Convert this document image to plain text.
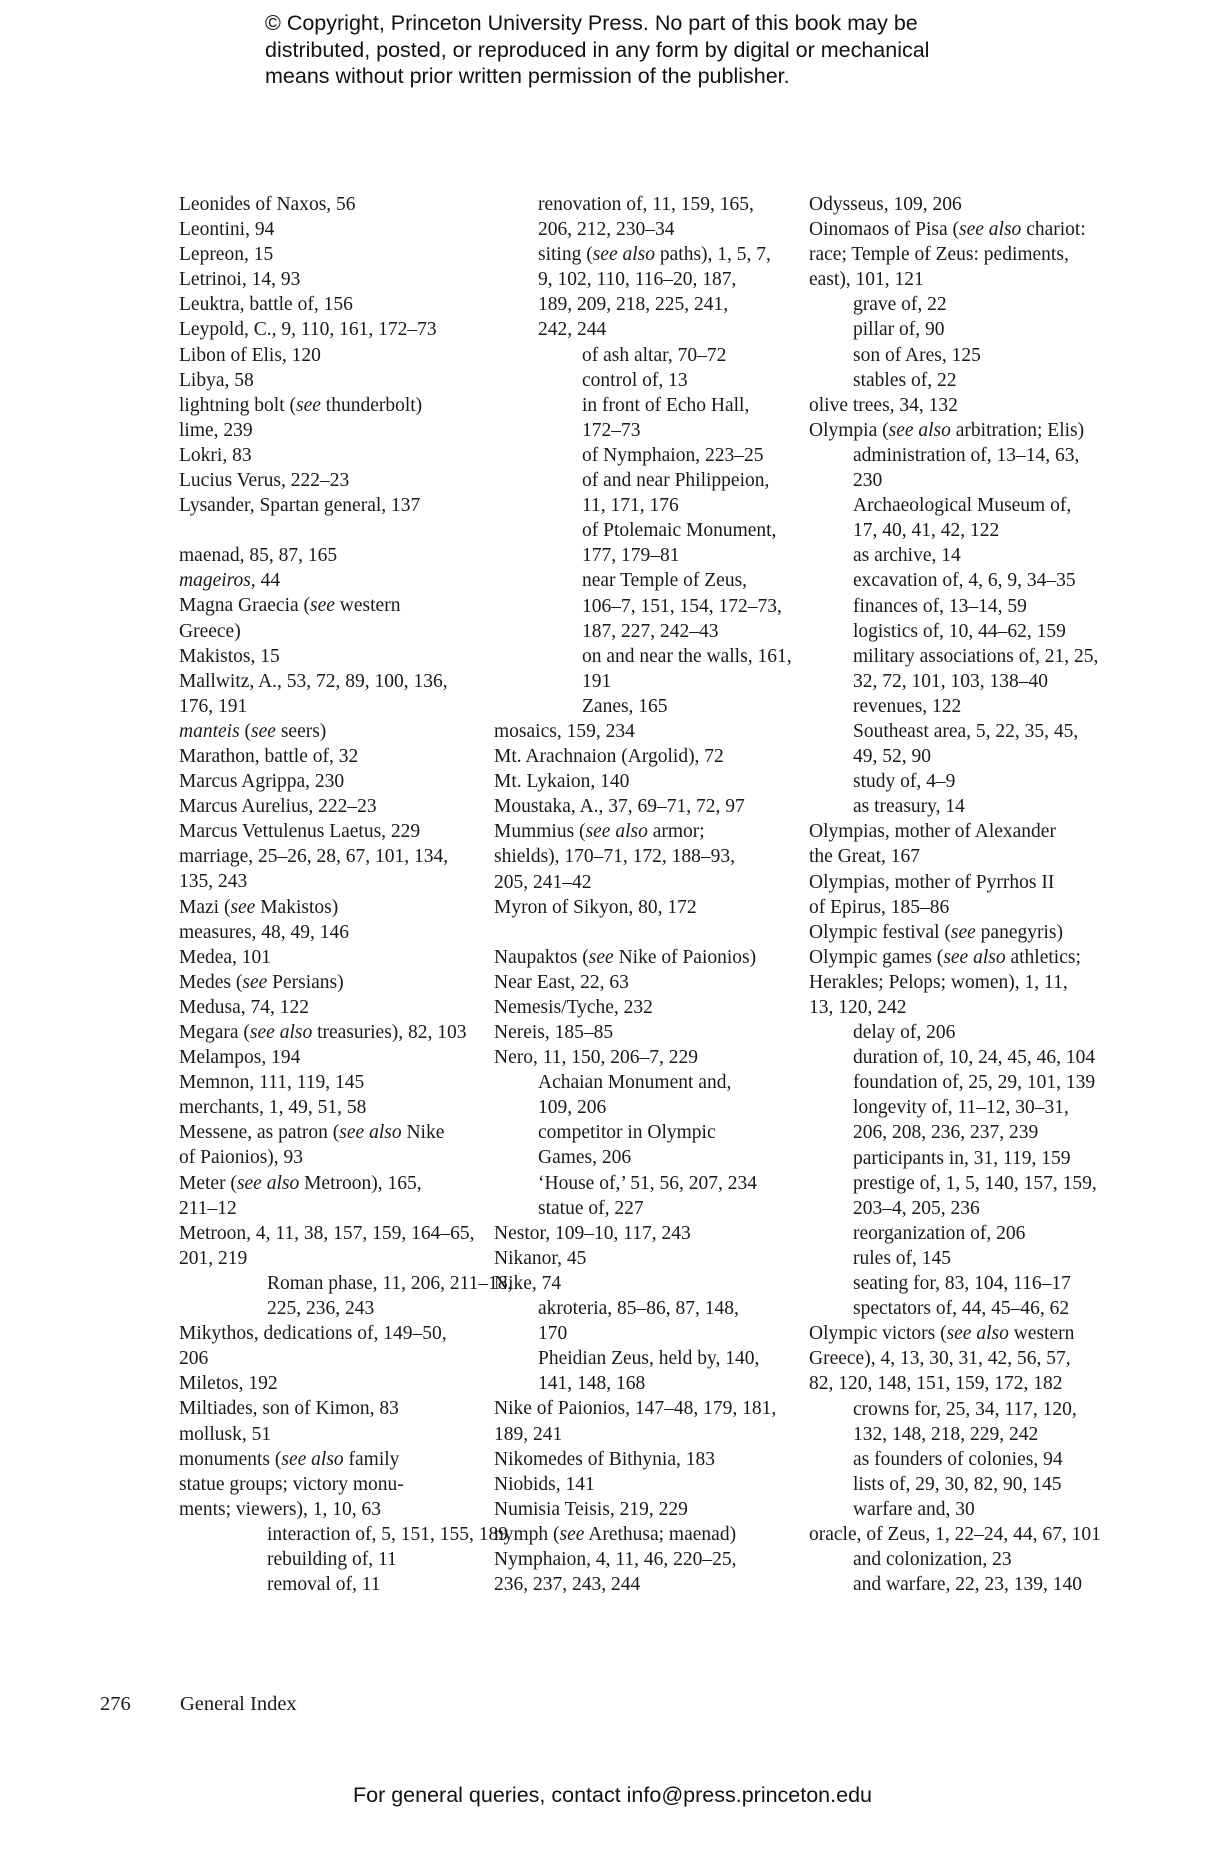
© Copyright, Princeton University Press. No part of this book may be
distributed, posted, or reproduced in any form by digital or mechanical
means without prior written permission of the publisher.
Leonides of Naxos, 56
Leontini, 94
Lepreon, 15
Letrinoi, 14, 93
Leuktra, battle of, 156
Leypold, C., 9, 110, 161, 172–73
Libon of Elis, 120
Libya, 58
lightning bolt (see thunderbolt)
lime, 239
Lokri, 83
Lucius Verus, 222–23
Lysander, Spartan general, 137
maenad, 85, 87, 165
mageiros, 44
Magna Graecia (see western
Greece)
Makistos, 15
Mallwitz, A., 53, 72, 89, 100, 136,
176, 191
manteis (see seers)
Marathon, battle of, 32
Marcus Agrippa, 230
Marcus Aurelius, 222–23
Marcus Vettulenus Laetus, 229
marriage, 25–26, 28, 67, 101, 134,
135, 243
Mazi (see Makistos)
measures, 48, 49, 146
Medea, 101
Medes (see Persians)
Medusa, 74, 122
Megara (see also treasuries), 82, 103
Melampos, 194
Memnon, 111, 119, 145
merchants, 1, 49, 51, 58
Messene, as patron (see also Nike
of Paionios), 93
Meter (see also Metroon), 165,
211–12
Metroon, 4, 11, 38, 157, 159, 164–65,
201, 219
Roman phase, 11, 206, 211–18,
225, 236, 243
Mikythos, dedications of, 149–50,
206
Miletos, 192
Miltiades, son of Kimon, 83
mollusk, 51
monuments (see also family
statue groups; victory monu-
ments; viewers), 1, 10, 63
interaction of, 5, 151, 155, 189
rebuilding of, 11
removal of, 11
renovation of, 11, 159, 165,
206, 212, 230–34
siting (see also paths), 1, 5, 7,
9, 102, 110, 116–20, 187,
189, 209, 218, 225, 241,
242, 244
of ash altar, 70–72
control of, 13
in front of Echo Hall,
172–73
of Nymphaion, 223–25
of and near Philippeion,
11, 171, 176
of Ptolemaic Monument,
177, 179–81
near Temple of Zeus,
106–7, 151, 154, 172–73,
187, 227, 242–43
on and near the walls, 161,
191
Zanes, 165
mosaics, 159, 234
Mt. Arachnaion (Argolid), 72
Mt. Lykaion, 140
Moustaka, A., 37, 69–71, 72, 97
Mummius (see also armor;
shields), 170–71, 172, 188–93,
205, 241–42
Myron of Sikyon, 80, 172
Naupaktos (see Nike of Paionios)
Near East, 22, 63
Nemesis/Tyche, 232
Nereis, 185–85
Nero, 11, 150, 206–7, 229
Achaian Monument and,
109, 206
competitor in Olympic
Games, 206
‘House of,’ 51, 56, 207, 234
statue of, 227
Nestor, 109–10, 117, 243
Nikanor, 45
Nike, 74
akroteria, 85–86, 87, 148,
170
Pheidian Zeus, held by, 140,
141, 148, 168
Nike of Paionios, 147–48, 179, 181,
189, 241
Nikomedes of Bithynia, 183
Niobids, 141
Numisia Teisis, 219, 229
nymph (see Arethusa; maenad)
Nymphaion, 4, 11, 46, 220–25,
236, 237, 243, 244
Odysseus, 109, 206
Oinomaos of Pisa (see also chariot:
race; Temple of Zeus: pediments,
east), 101, 121
grave of, 22
pillar of, 90
son of Ares, 125
stables of, 22
olive trees, 34, 132
Olympia (see also arbitration; Elis)
administration of, 13–14, 63,
230
Archaeological Museum of,
17, 40, 41, 42, 122
as archive, 14
excavation of, 4, 6, 9, 34–35
finances of, 13–14, 59
logistics of, 10, 44–62, 159
military associations of, 21, 25,
32, 72, 101, 103, 138–40
revenues, 122
Southeast area, 5, 22, 35, 45,
49, 52, 90
study of, 4–9
as treasury, 14
Olympias, mother of Alexander
the Great, 167
Olympias, mother of Pyrrhos II
of Epirus, 185–86
Olympic festival (see panegyris)
Olympic games (see also athletics;
Herakles; Pelops; women), 1, 11,
13, 120, 242
delay of, 206
duration of, 10, 24, 45, 46, 104
foundation of, 25, 29, 101, 139
longevity of, 11–12, 30–31,
206, 208, 236, 237, 239
participants in, 31, 119, 159
prestige of, 1, 5, 140, 157, 159,
203–4, 205, 236
reorganization of, 206
rules of, 145
seating for, 83, 104, 116–17
spectators of, 44, 45–46, 62
Olympic victors (see also western
Greece), 4, 13, 30, 31, 42, 56, 57,
82, 120, 148, 151, 159, 172, 182
crowns for, 25, 34, 117, 120,
132, 148, 218, 229, 242
as founders of colonies, 94
lists of, 29, 30, 82, 90, 145
warfare and, 30
oracle, of Zeus, 1, 22–24, 44, 67, 101
and colonization, 23
and warfare, 22, 23, 139, 140
276 General Index
For general queries, contact info@press.princeton.edu
